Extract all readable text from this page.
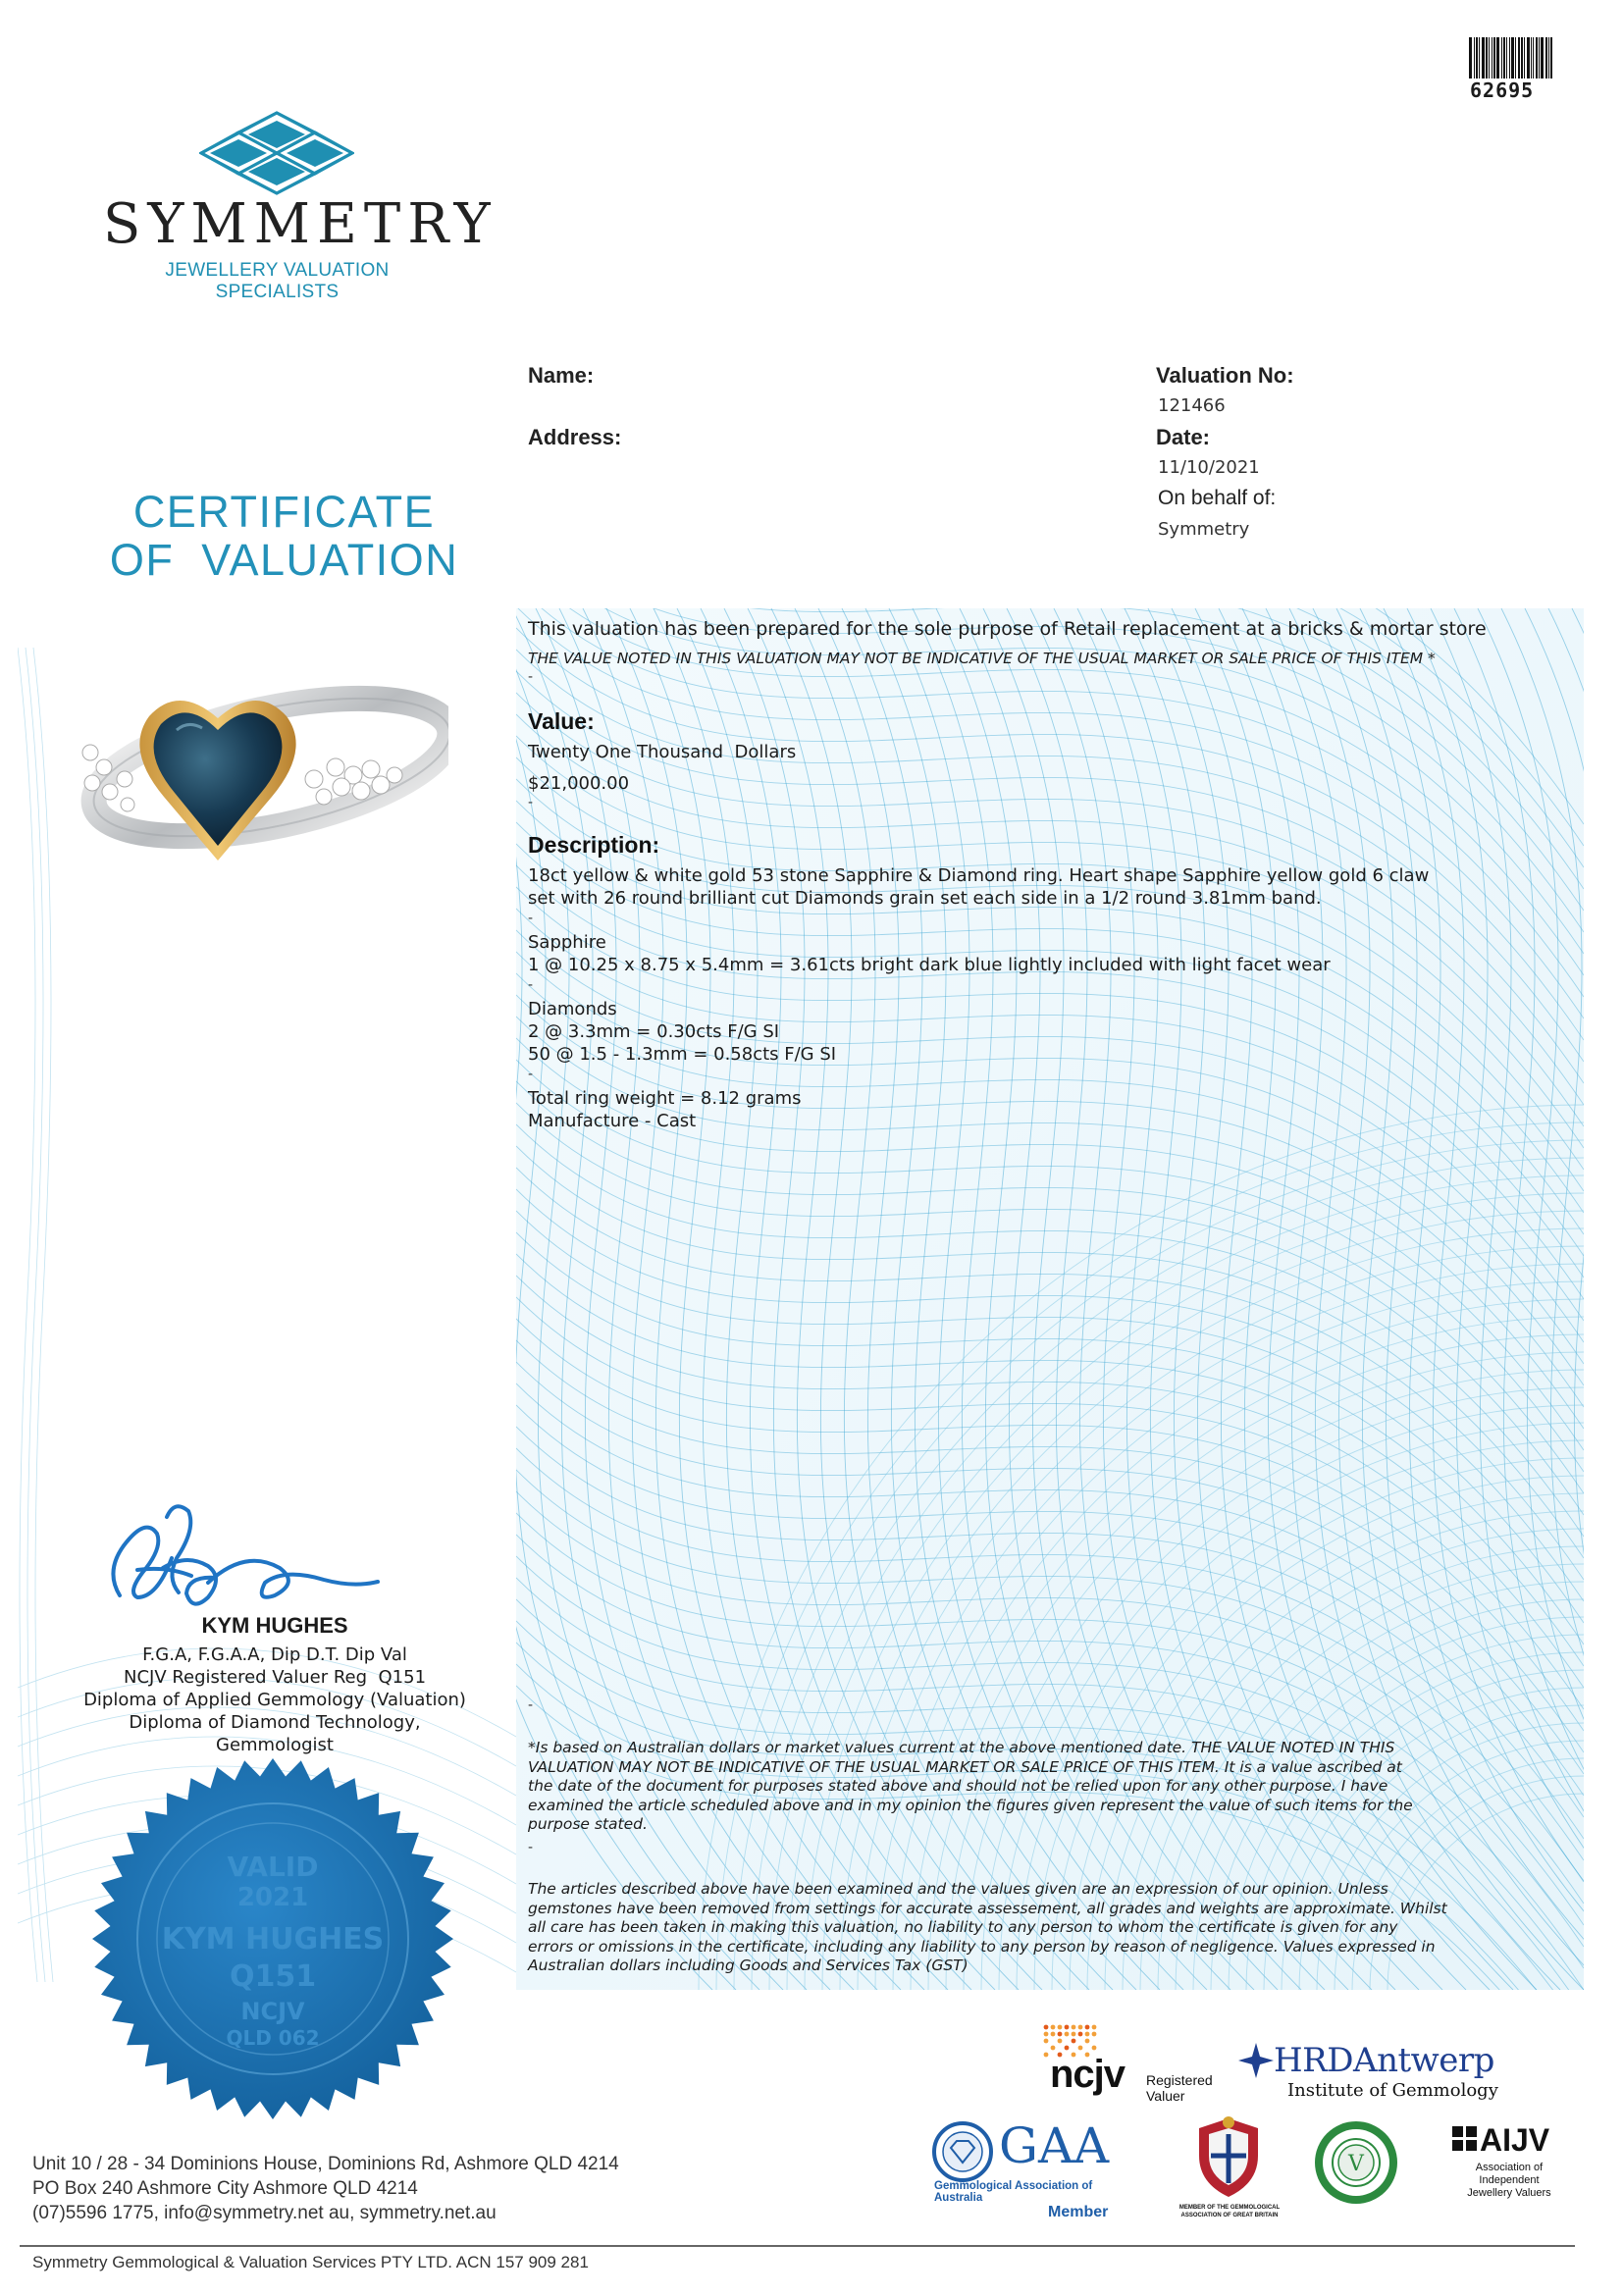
62695
SYMMETRY
JEWELLERY VALUATION SPECIALISTS
CERTIFICATE
OF  VALUATION
Name:
Address:
Valuation No:
121466
Date:
11/10/2021
On behalf of:
Symmetry
This valuation has been prepared for the sole purpose of Retail replacement at a bricks & mortar store
THE VALUE NOTED IN THIS VALUATION MAY NOT BE INDICATIVE OF THE USUAL MARKET OR SALE PRICE OF THIS ITEM *
-
Value:
Twenty One Thousand  Dollars
$21,000.00
-
Description:
18ct yellow & white gold 53 stone Sapphire & Diamond ring. Heart shape Sapphire yellow gold 6 claw
set with 26 round brilliant cut Diamonds grain set each side in a 1/2 round 3.81mm band.
-
Sapphire
1 @ 10.25 x 8.75 x 5.4mm = 3.61cts bright dark blue lightly included with light facet wear
-
Diamonds
2 @ 3.3mm = 0.30cts F/G SI
50 @ 1.5 - 1.3mm = 0.58cts F/G SI
-
Total ring weight = 8.12 grams
Manufacture - Cast
-
*Is based on Australian dollars or market values current at the above mentioned date. THE VALUE NOTED IN THIS
VALUATION MAY NOT BE INDICATIVE OF THE USUAL MARKET OR SALE PRICE OF THIS ITEM. It is a value ascribed at
the date of the document for purposes stated above and should not be relied upon for any other purpose. I have
examined the article scheduled above and in my opinion the figures given represent the value of such items for the
purpose stated.
-
The articles described above have been examined and the values given are an expression of our opinion. Unless
gemstones have been removed from settings for accurate assessement, all grades and weights are approximate. Whilst
all care has been taken in making this valuation, no liability to any person to whom the certificate is given for any
errors or omissions in the certificate, including any liability to any person by reason of negligence. Values expressed in
Australian dollars including Goods and Services Tax (GST)
KYM HUGHES
F.G.A, F.G.A.A, Dip D.T. Dip Val
NCJV Registered Valuer Reg  Q151
Diploma of Applied Gemmology (Valuation)
Diploma of Diamond Technology,
Gemmologist
VALID
2021
KYM HUGHES
Q151
NCJV
QLD 062
ncjv Registered
Valuer
HRDAntwerp
Institute of Gemmology
GAA
Gemmological Association of Australia
Member	MEMBER OF THE GEMMOLOGICAL
ASSOCIATION OF GREAT BRITAIN
V
AIJV
Association of
Independent
Jewellery Valuers
Unit 10 / 28 - 34 Dominions House, Dominions Rd, Ashmore QLD 4214
PO Box 240 Ashmore City Ashmore QLD 4214
(07)5596 1775, info@symmetry.net au, symmetry.net.au
Symmetry Gemmological & Valuation Services PTY LTD. ACN 157 909 281
